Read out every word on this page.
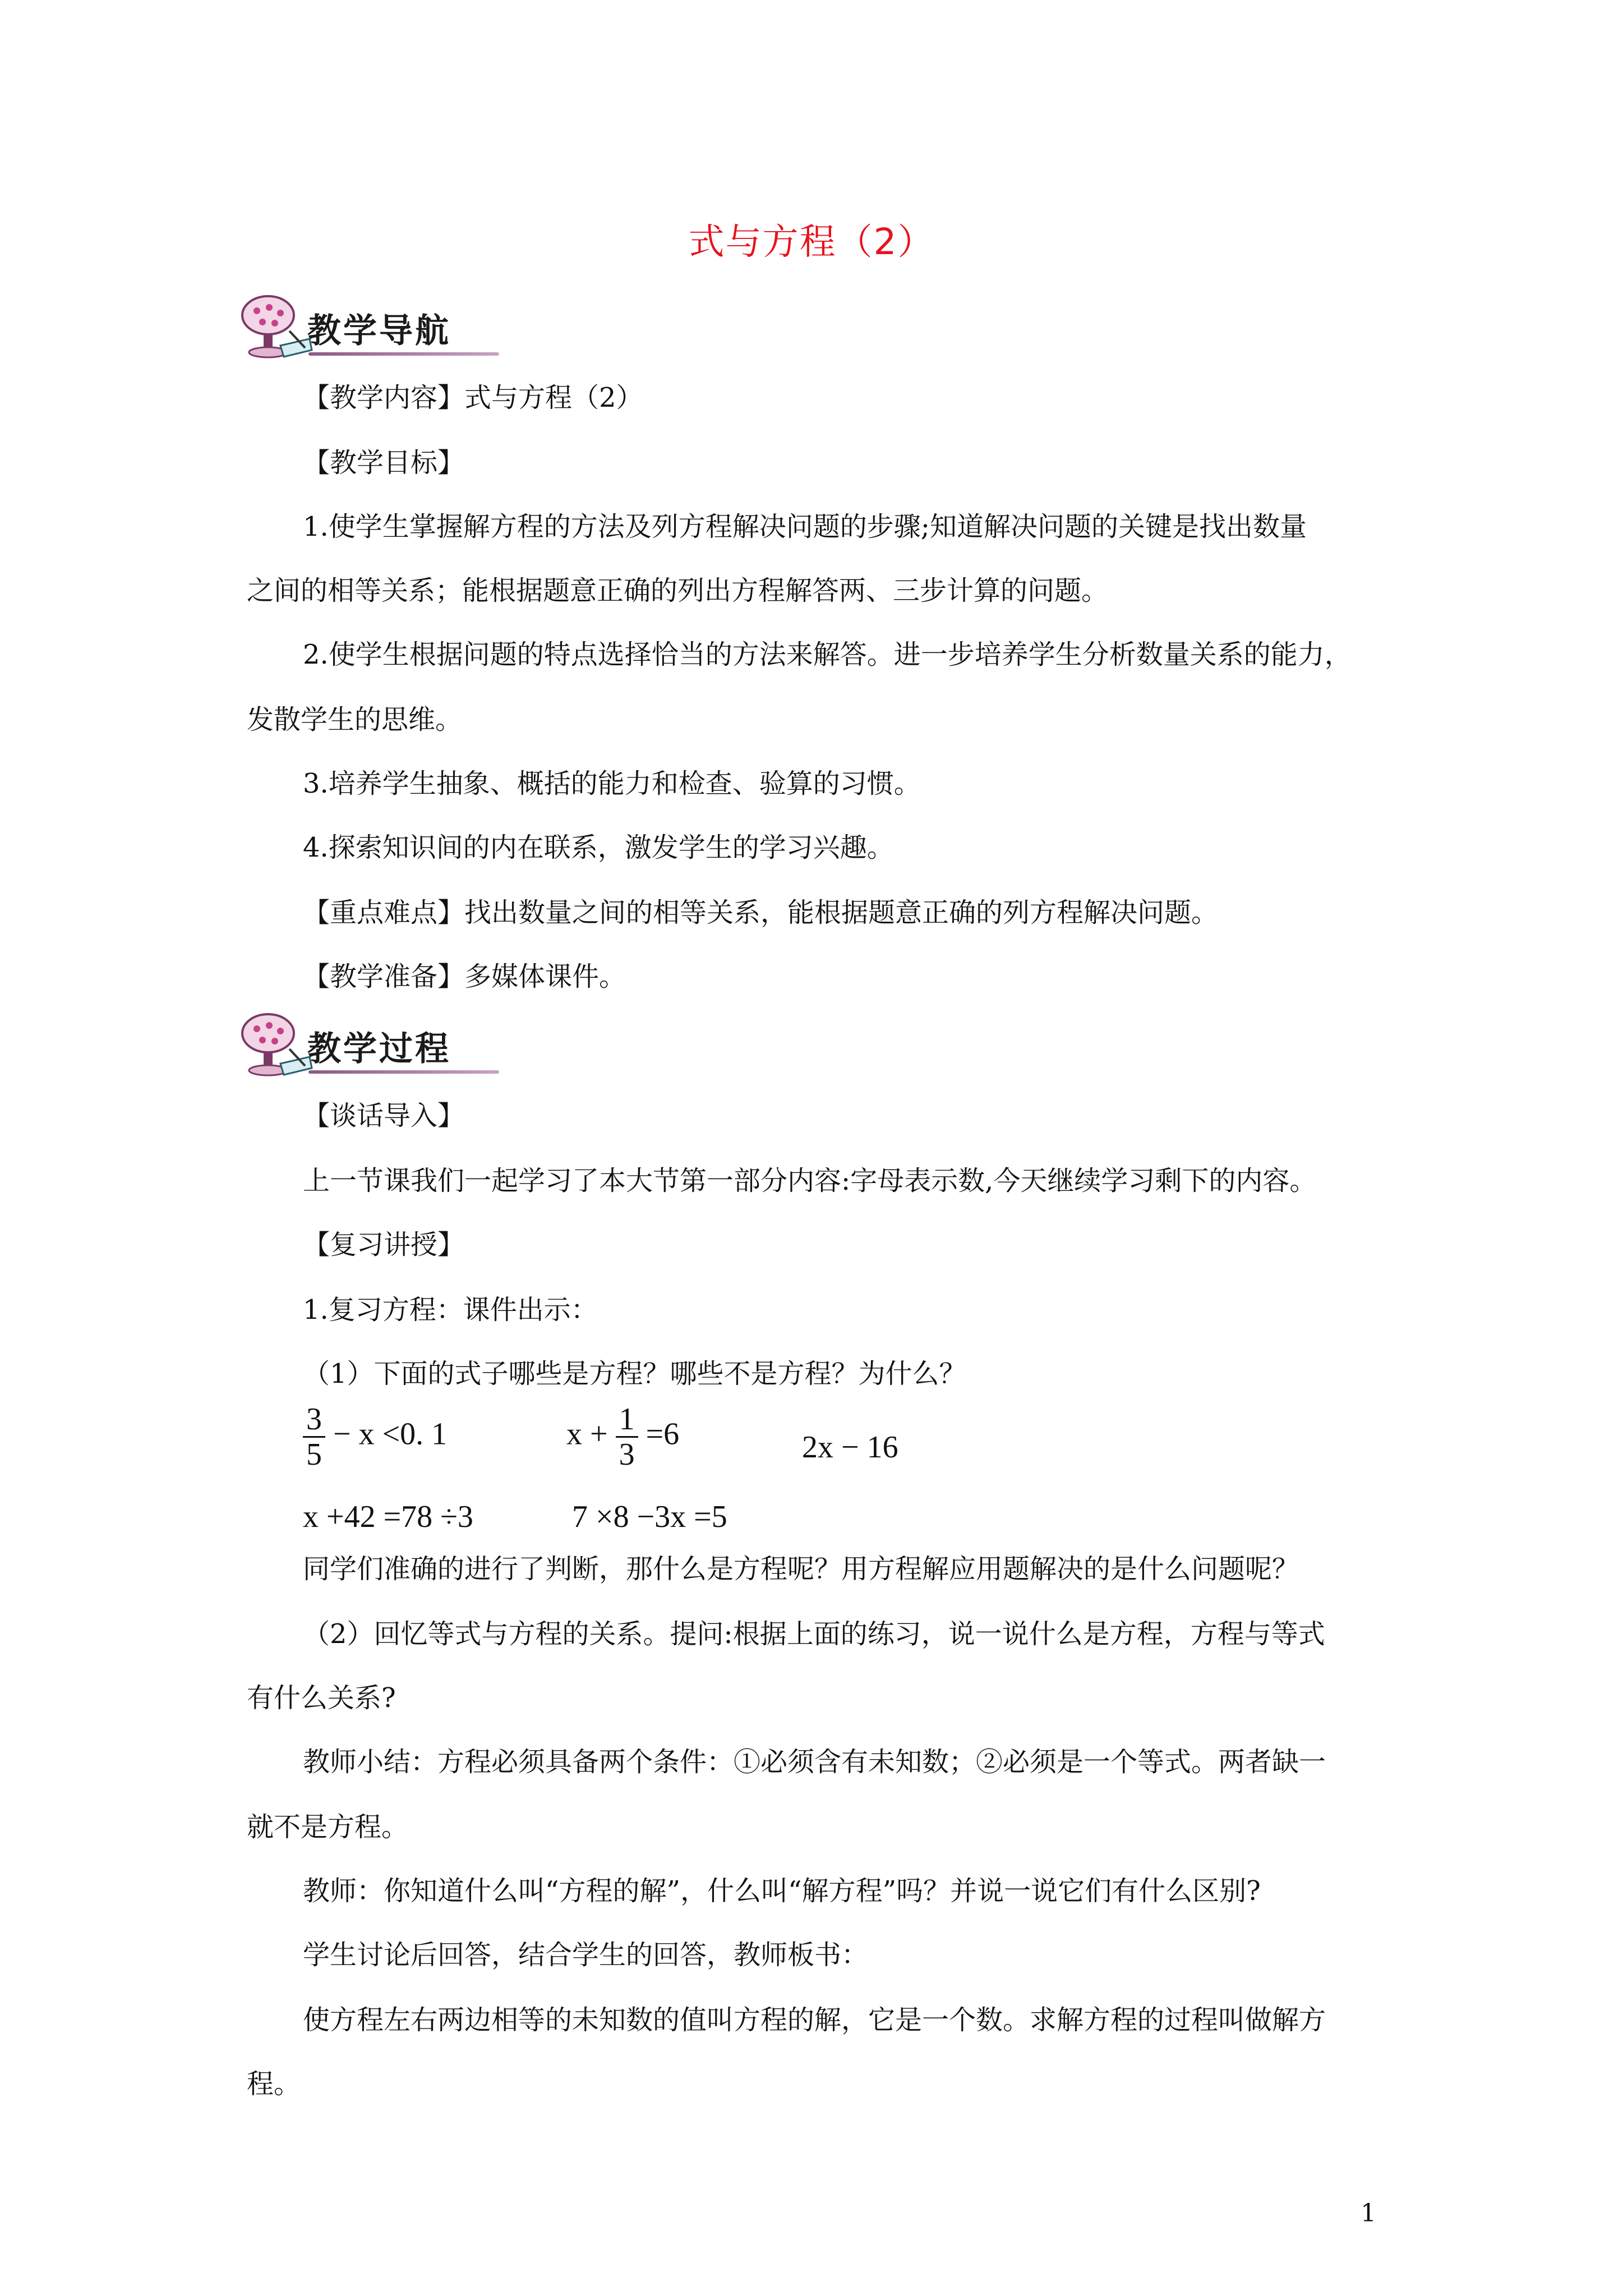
式与方程（2）
教学导航
【教学内容】式与方程（2）
【教学目标】
1.使学生掌握解方程的方法及列方程解决问题的步骤;知道解决问题的关键是找出数量
之间的相等关系；能根据题意正确的列出方程解答两、三步计算的问题。
2.使学生根据问题的特点选择恰当的方法来解答。进一步培养学生分析数量关系的能力，
发散学生的思维。
3.培养学生抽象、概括的能力和检查、验算的习惯。
4.探索知识间的内在联系，激发学生的学习兴趣。
【重点难点】找出数量之间的相等关系，能根据题意正确的列方程解决问题。
【教学准备】多媒体课件。
教学过程
【谈话导入】
上一节课我们一起学习了本大节第一部分内容:字母表示数,今天继续学习剩下的内容。
【复习讲授】
1.复习方程：课件出示：
（1）下面的式子哪些是方程？哪些不是方程？为什么？
$\frac{3}{5} - x <0$. 1	$x + \frac{1}{3} =6$	2x − 16
x +42 =78 ÷3	7 ×8 −3x =5
同学们准确的进行了判断，那什么是方程呢？用方程解应用题解决的是什么问题呢？
（2）回忆等式与方程的关系。提问:根据上面的练习，说一说什么是方程，方程与等式
有什么关系?
教师小结：方程必须具备两个条件：①必须含有未知数；②必须是一个等式。两者缺一
就不是方程。
教师：你知道什么叫“方程的解”，什么叫“解方程”吗？并说一说它们有什么区别?
学生讨论后回答，结合学生的回答，教师板书：
使方程左右两边相等的未知数的值叫方程的解，它是一个数。求解方程的过程叫做解方
程。
1
